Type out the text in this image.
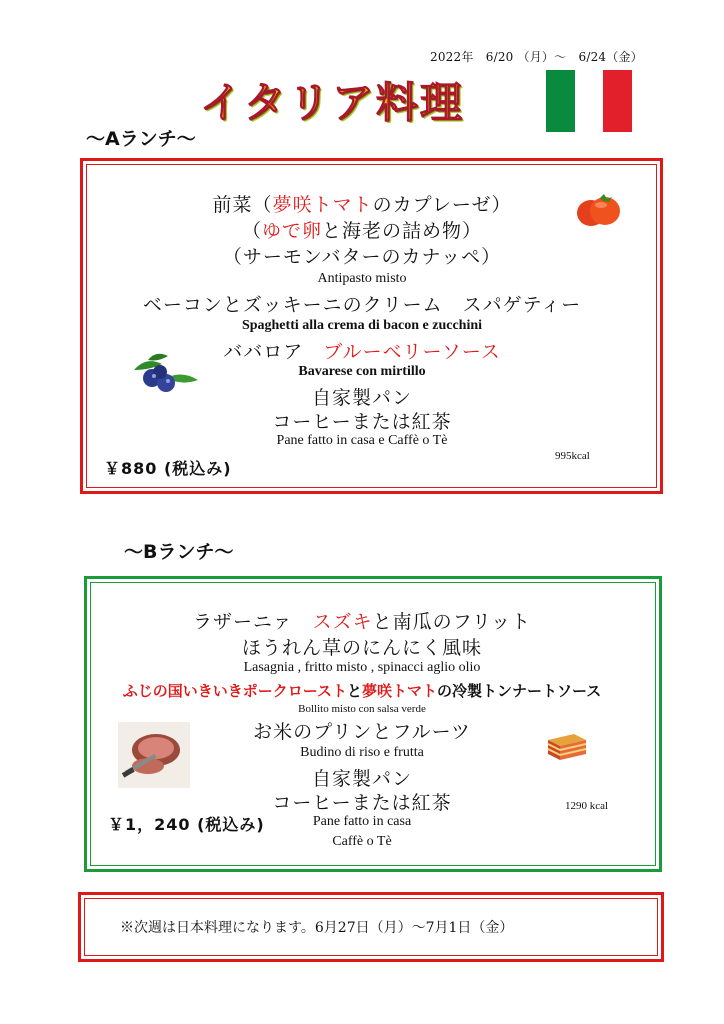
2022年　6/20 （月）～　6/24（金）
イタリア料理
～Aランチ～
前菜（夢咲トマトのカプレーゼ）
（ゆで卵と海老の詰め物）
（サーモンバターのカナッペ）
Antipasto misto
ベーコンとズッキーニのクリーム　スパゲティー
Spaghetti alla crema di bacon e zucchini
ババロア　ブルーベリーソース
Bavarese con mirtillo
自家製パン
コーヒーまたは紅茶
Pane fatto in casa e Caffè o Tè
￥880 (税込み)
995kcal
～Bランチ～
ラザーニァ　スズキと南瓜のフリット
ほうれん草のにんにく風味
Lasagnia , fritto misto , spinacci aglio olio
ふじの国いきいきポークローストと夢咲トマトの冷製トンナートソース
Bollito misto con salsa verde
お米のプリンとフルーツ
Budino di riso e frutta
自家製パン
コーヒーまたは紅茶
Pane fatto in casa
Caffè o Tè
￥1，240 (税込み)
1290 kcal
※次週は日本料理になります。6月27日（月）～7月1日（金）
